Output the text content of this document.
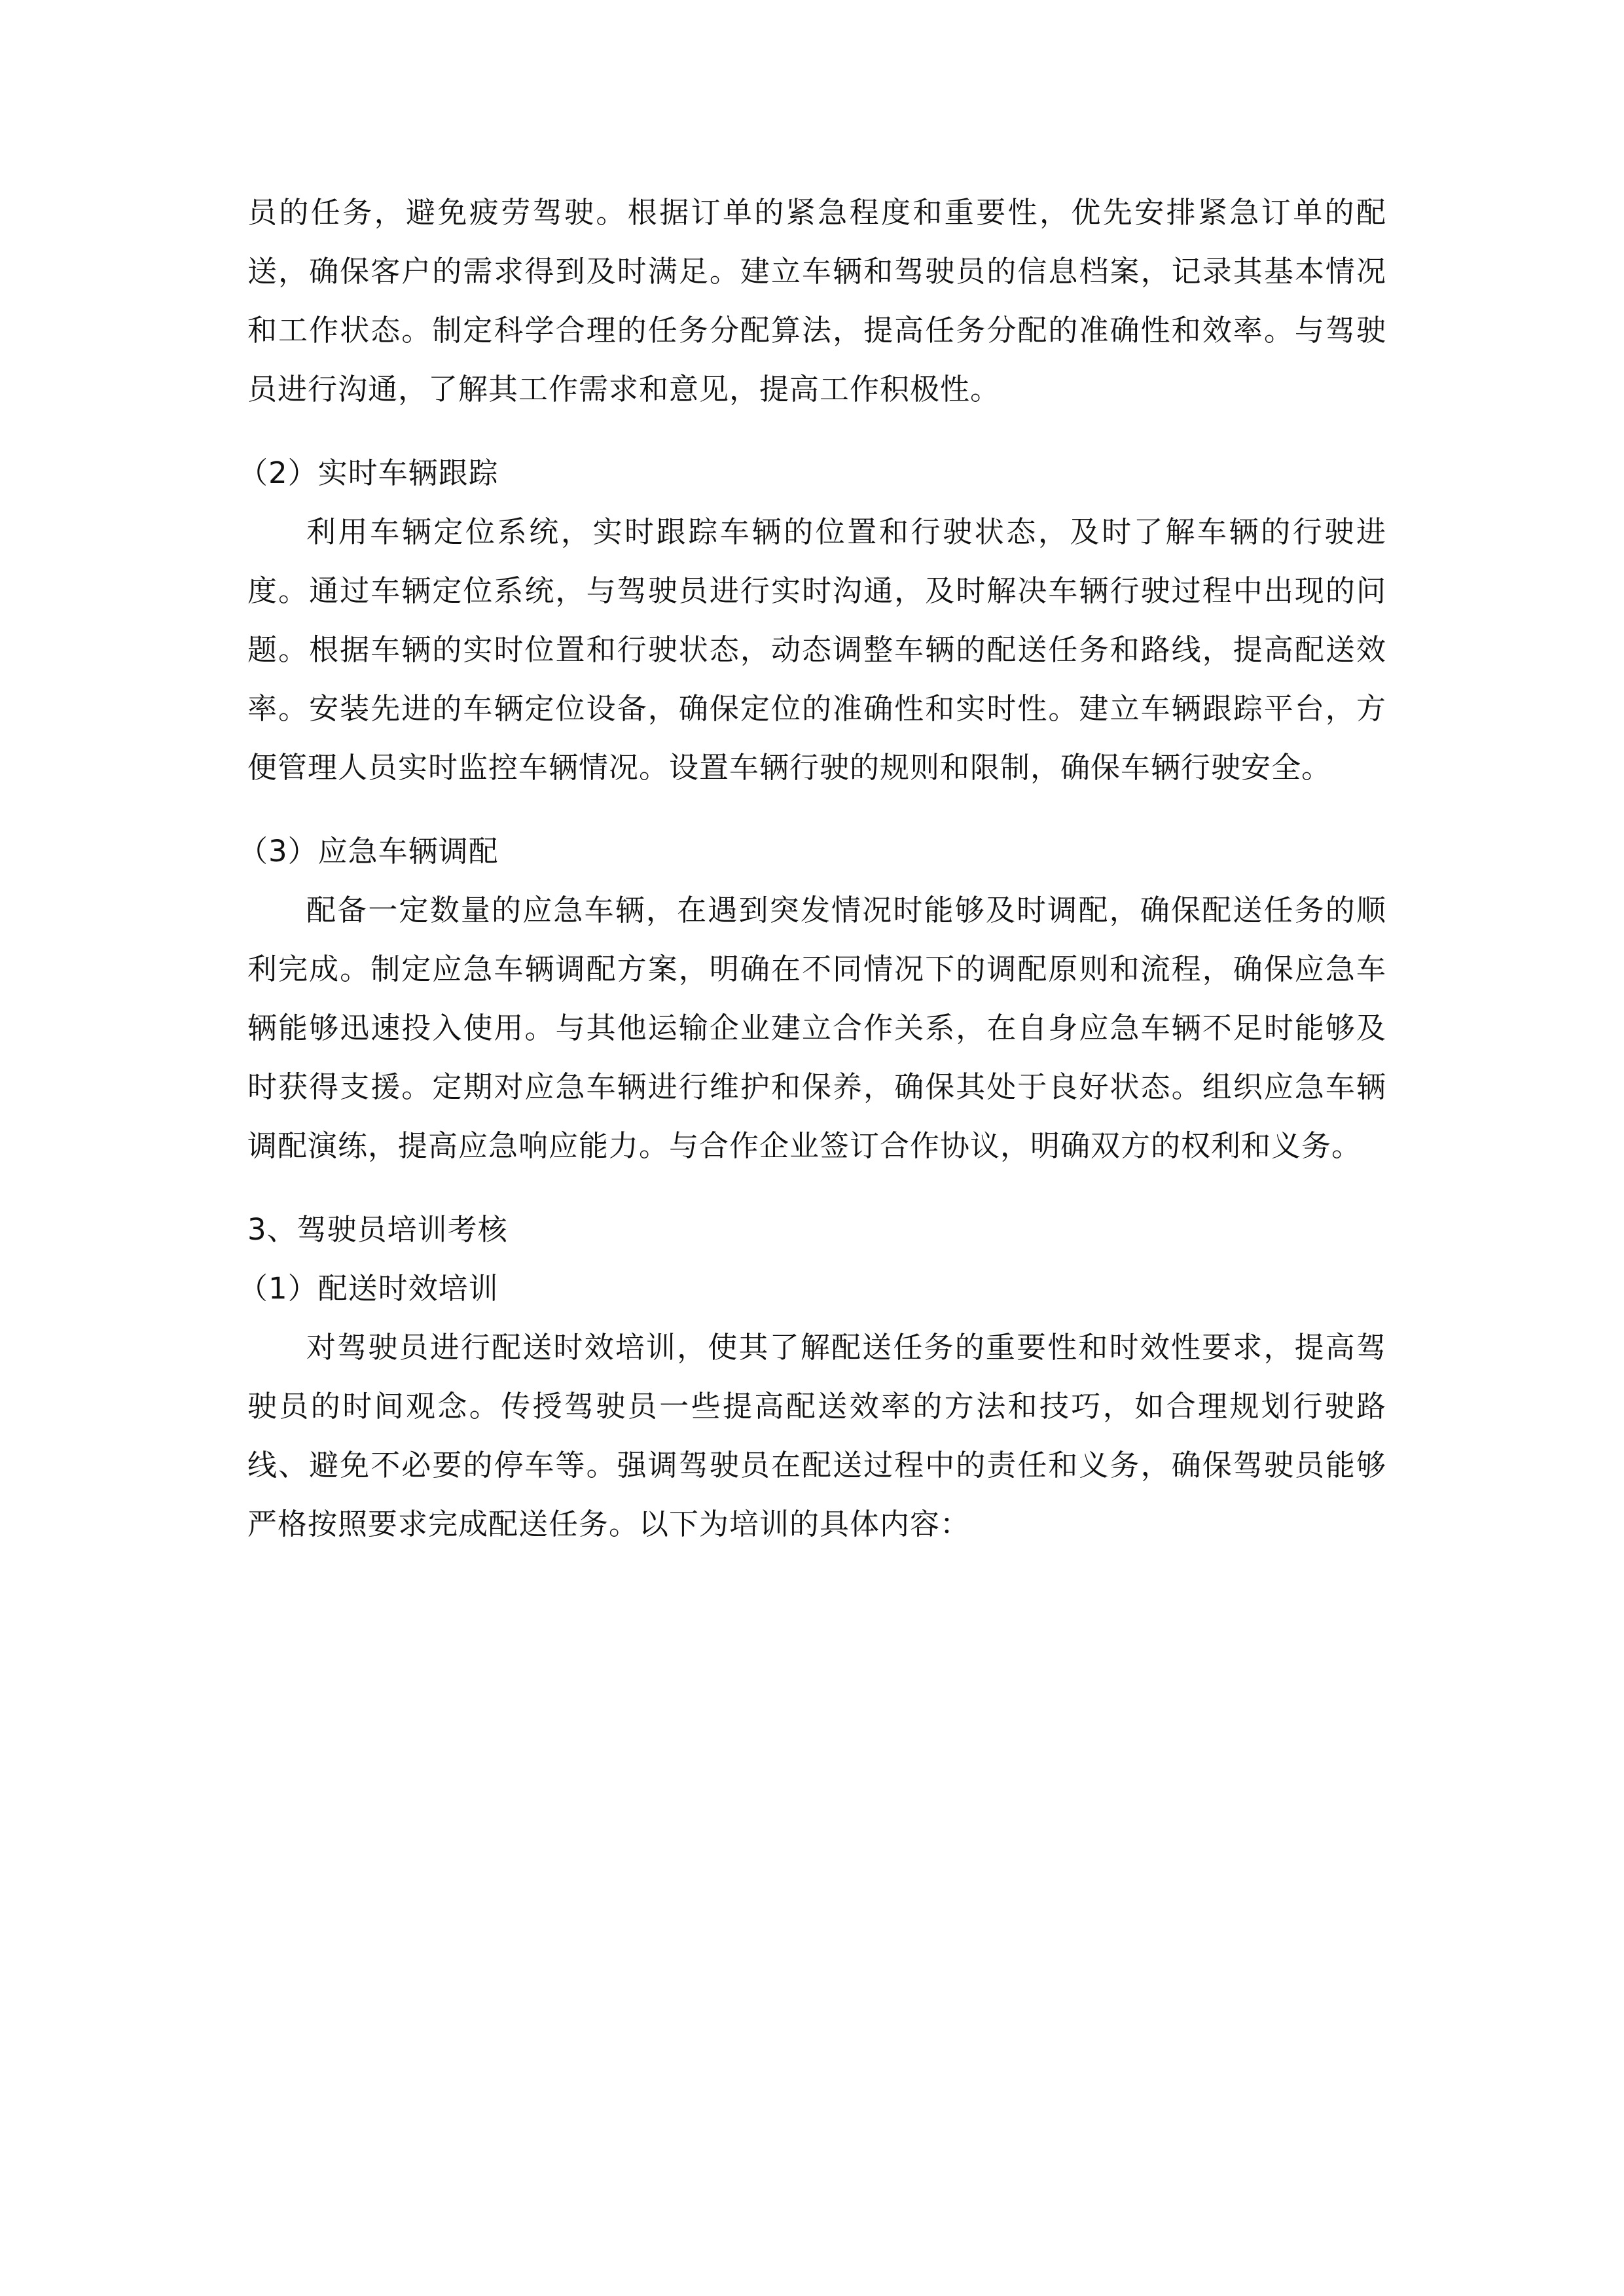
员的任务，避免疲劳驾驶。根据订单的紧急程度和重要性，优先安排紧急订单的配送，确保客户的需求得到及时满足。建立车辆和驾驶员的信息档案，记录其基本情况和工作状态。制定科学合理的任务分配算法，提高任务分配的准确性和效率。与驾驶员进行沟通，了解其工作需求和意见，提高工作积极性。

（2）实时车辆跟踪

利用车辆定位系统，实时跟踪车辆的位置和行驶状态，及时了解车辆的行驶进度。通过车辆定位系统，与驾驶员进行实时沟通，及时解决车辆行驶过程中出现的问题。根据车辆的实时位置和行驶状态，动态调整车辆的配送任务和路线，提高配送效率。安装先进的车辆定位设备，确保定位的准确性和实时性。建立车辆跟踪平台，方便管理人员实时监控车辆情况。设置车辆行驶的规则和限制，确保车辆行驶安全。

（3）应急车辆调配

配备一定数量的应急车辆，在遇到突发情况时能够及时调配，确保配送任务的顺利完成。制定应急车辆调配方案，明确在不同情况下的调配原则和流程，确保应急车辆能够迅速投入使用。与其他运输企业建立合作关系，在自身应急车辆不足时能够及时获得支援。定期对应急车辆进行维护和保养，确保其处于良好状态。组织应急车辆调配演练，提高应急响应能力。与合作企业签订合作协议，明确双方的权利和义务。

3、驾驶员培训考核

（1）配送时效培训

对驾驶员进行配送时效培训，使其了解配送任务的重要性和时效性要求，提高驾驶员的时间观念。传授驾驶员一些提高配送效率的方法和技巧，如合理规划行驶路线、避免不必要的停车等。强调驾驶员在配送过程中的责任和义务，确保驾驶员能够严格按照要求完成配送任务。以下为培训的具体内容：
